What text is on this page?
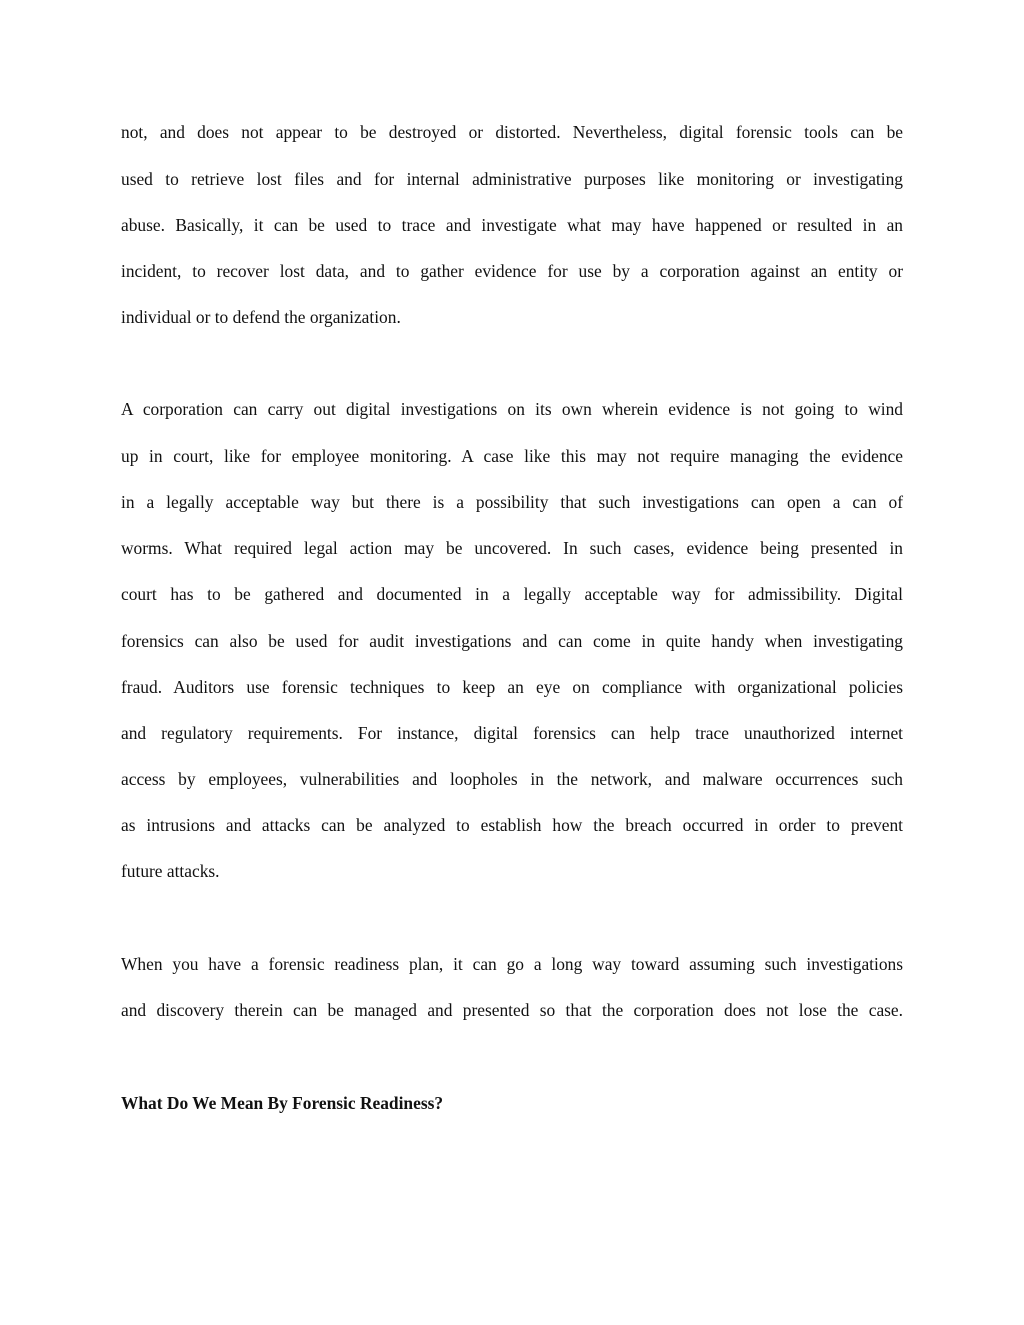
not, and does not appear to be destroyed or distorted. Nevertheless, digital forensic tools can be
used to retrieve lost files and for internal administrative purposes like monitoring or investigating
abuse. Basically, it can be used to trace and investigate what may have happened or resulted in an
incident, to recover lost data, and to gather evidence for use by a corporation against an entity or
individual or to defend the organization.
A corporation can carry out digital investigations on its own wherein evidence is not going to wind
up in court, like for employee monitoring. A case like this may not require managing the evidence
in a legally acceptable way but there is a possibility that such investigations can open a can of
worms. What required legal action may be uncovered. In such cases, evidence being presented in
court has to be gathered and documented in a legally acceptable way for admissibility. Digital
forensics can also be used for audit investigations and can come in quite handy when investigating
fraud. Auditors use forensic techniques to keep an eye on compliance with organizational policies
and regulatory requirements. For instance, digital forensics can help trace unauthorized internet
access by employees, vulnerabilities and loopholes in the network, and malware occurrences such
as intrusions and attacks can be analyzed to establish how the breach occurred in order to prevent
future attacks.
When you have a forensic readiness plan, it can go a long way toward assuming such investigations
and discovery therein can be managed and presented so that the corporation does not lose the case.
What Do We Mean By Forensic Readiness?
